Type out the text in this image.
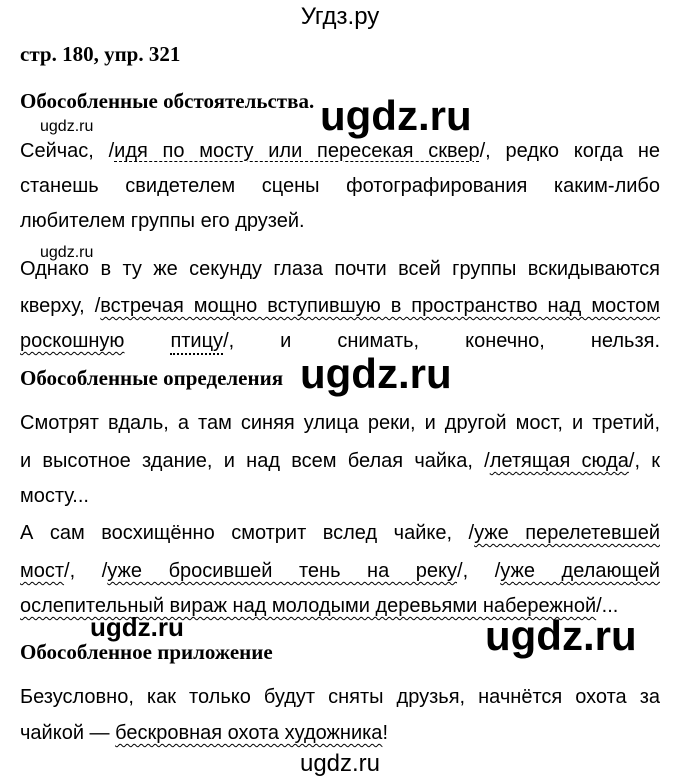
Угдз.ру
стр. 180, упр. 321
Обособленные обстоятельства.
ugdz.ru	ugdz.ru
Сейчас, /идя по мосту или пересекая сквер/, редко когда не
станешь свидетелем сцены фотографирования каким-либо
любителем группы его друзей.
ugdz.ru
Однако в ту же секунду глаза почти всей группы вскидываются
кверху, /встречая мощно вступившую в пространство над мостом
роскошную птицу/, и снимать, конечно, нельзя.
Обособленные определения ugdz.ru
Смотрят вдаль, а там синяя улица реки, и другой мост, и третий,
и высотное здание, и над всем белая чайка, /летящая сюда/, к
мосту...
А сам восхищённо смотрит вслед чайке, /уже перелетевшей
мост/, /уже бросившей тень на реку/, /уже делающей
ослепительный вираж над молодыми деревьями набережной/...
ugdz.ru	ugdz.ru
Обособленное приложение
Безусловно, как только будут сняты друзья, начнётся охота за
чайкой — бескровная охота художника!
ugdz.ru
